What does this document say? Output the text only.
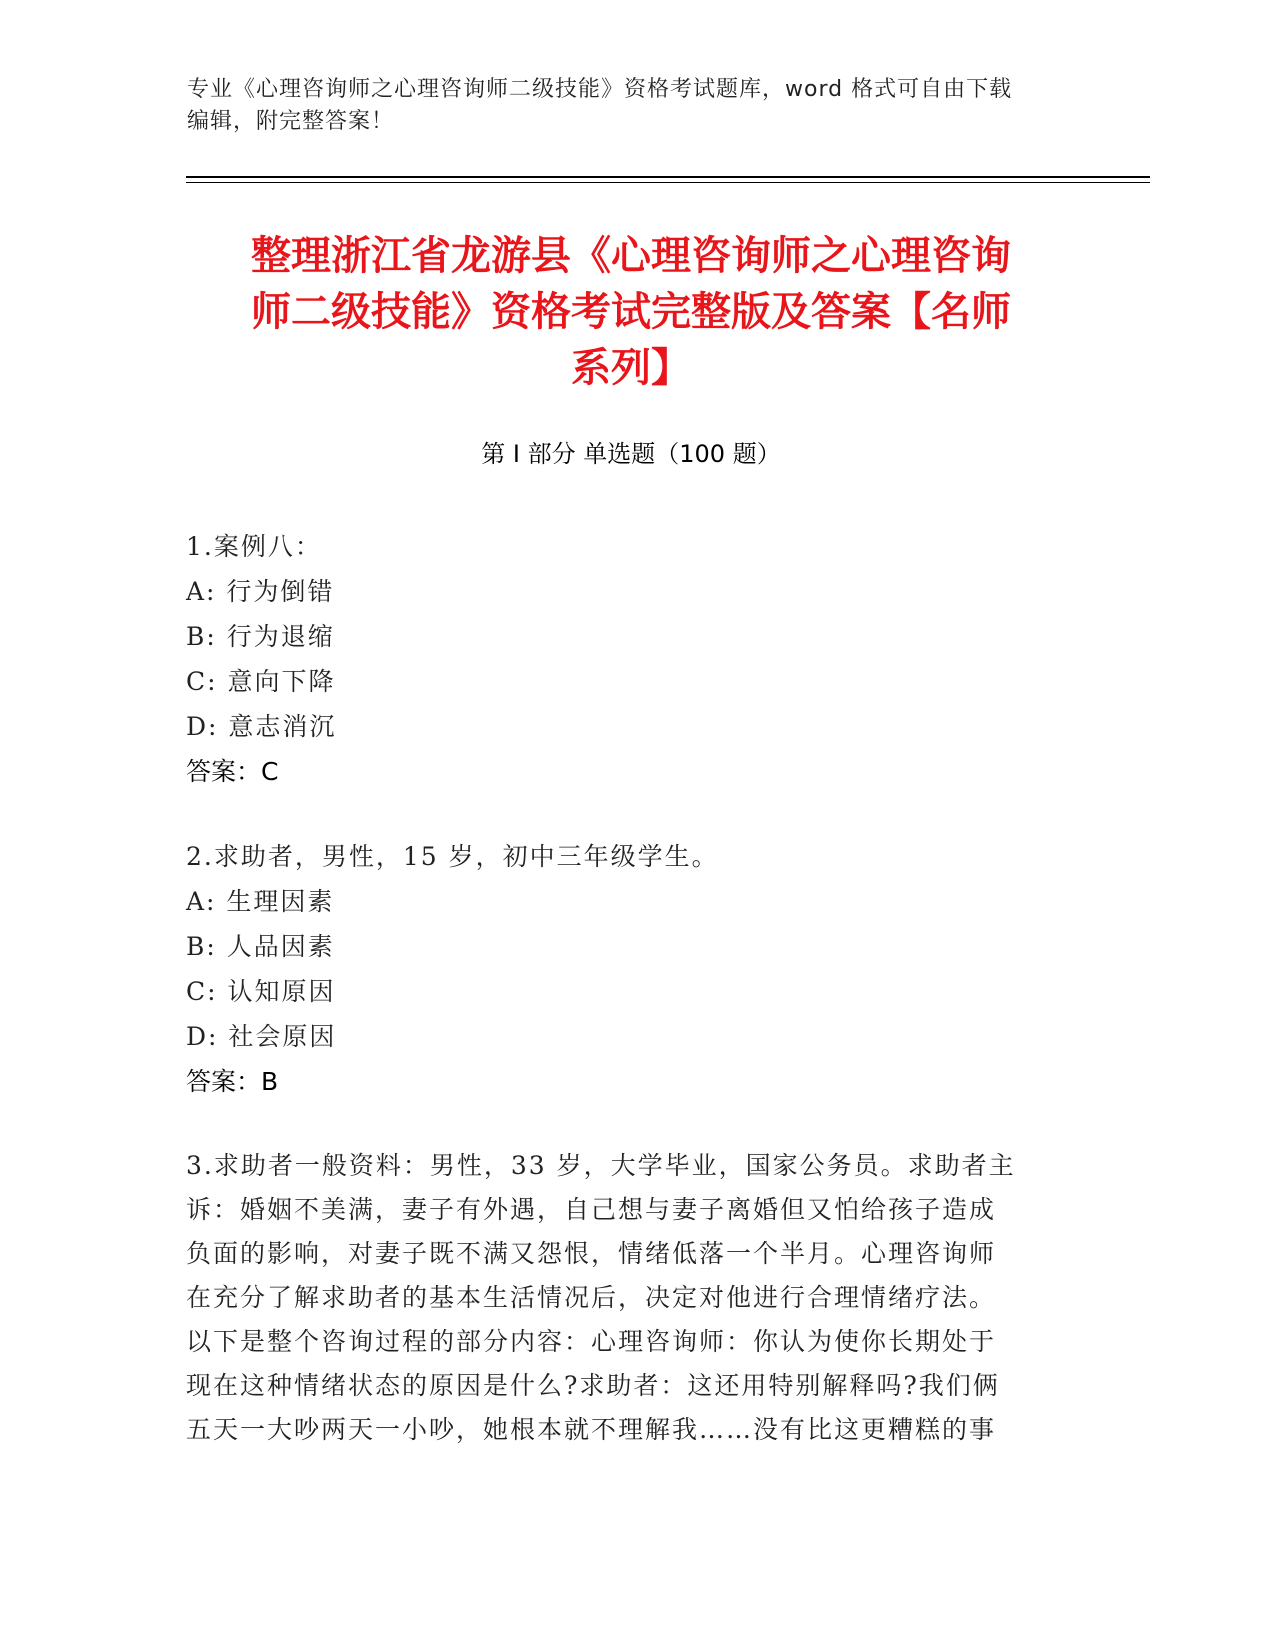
专业《心理咨询师之心理咨询师二级技能》资格考试题库，word 格式可自由下载
编辑，附完整答案！
整理浙江省龙游县《心理咨询师之心理咨询
师二级技能》资格考试完整版及答案【名师
系列】
第 I 部分 单选题（100 题）
1.案例八：
A: 行为倒错
B: 行为退缩
C: 意向下降
D: 意志消沉
答案：C
2.求助者，男性，15 岁，初中三年级学生。
A: 生理因素
B: 人品因素
C: 认知原因
D: 社会原因
答案：B
3.求助者一般资料：男性，33 岁，大学毕业，国家公务员。求助者主
诉：婚姻不美满，妻子有外遇，自己想与妻子离婚但又怕给孩子造成
负面的影响，对妻子既不满又怨恨，情绪低落一个半月。心理咨询师
在充分了解求助者的基本生活情况后，决定对他进行合理情绪疗法。
以下是整个咨询过程的部分内容：心理咨询师：你认为使你长期处于
现在这种情绪状态的原因是什么?求助者：这还用特别解释吗?我们俩
五天一大吵两天一小吵，她根本就不理解我……没有比这更糟糕的事
